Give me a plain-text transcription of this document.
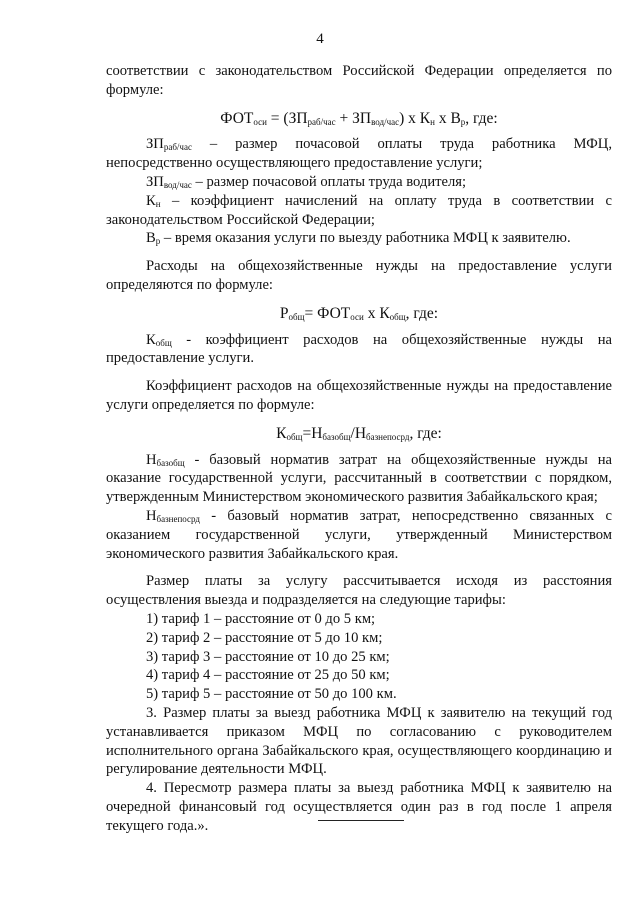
4

соответствии с законодательством Российской Федерации определяется по формуле:

$ФОТ_{оси} = (ЗП_{раб/час} + ЗП_{вод/час})$ х $К_н$ х $В_р$, где:

$ЗП_{раб/час}$ – размер почасовой оплаты труда работника МФЦ, непосредственно осуществляющего предоставление услуги;

$ЗП_{вод/час}$ – размер почасовой оплаты труда водителя;

$К_н$ – коэффициент начислений на оплату труда в соответствии с законодательством Российской Федерации;

$В_р$ – время оказания услуги по выезду работника МФЦ к заявителю.

Расходы на общехозяйственные нужды на предоставление услуги определяются по формуле:

$Р_{общ}= ФОТ_{оси}$ х $К_{общ}$, где:

$К_{общ}$ - коэффициент расходов на общехозяйственные нужды на предоставление услуги.

Коэффициент расходов на общехозяйственные нужды на предоставление услуги определяется по формуле:

$К_{общ}=Н_{базобщ}/Н_{базнепосрд}$, где:

$Н_{базобщ}$ - базовый норматив затрат на общехозяйственные нужды на оказание государственной услуги, рассчитанный в соответствии с порядком, утвержденным Министерством экономического развития Забайкальского края;

$Н_{базнепосрд}$ - базовый норматив затрат, непосредственно связанных с оказанием государственной услуги, утвержденный Министерством экономического развития Забайкальского края.

Размер платы за услугу рассчитывается исходя из расстояния осуществления выезда и подразделяется на следующие тарифы:

1) тариф 1 – расстояние от 0 до 5 км;
2) тариф 2 – расстояние от 5 до 10 км;
3) тариф 3 – расстояние от 10 до 25 км;
4) тариф 4 – расстояние от 25 до 50 км;
5) тариф 5 – расстояние от 50 до 100 км.

3. Размер платы за выезд работника МФЦ к заявителю на текущий год устанавливается приказом МФЦ по согласованию с руководителем исполнительного органа Забайкальского края, осуществляющего координацию и регулирование деятельности МФЦ.

4. Пересмотр размера платы за выезд работника МФЦ к заявителю на очередной финансовый год осуществляется один раз в год после 1 апреля текущего года.».
